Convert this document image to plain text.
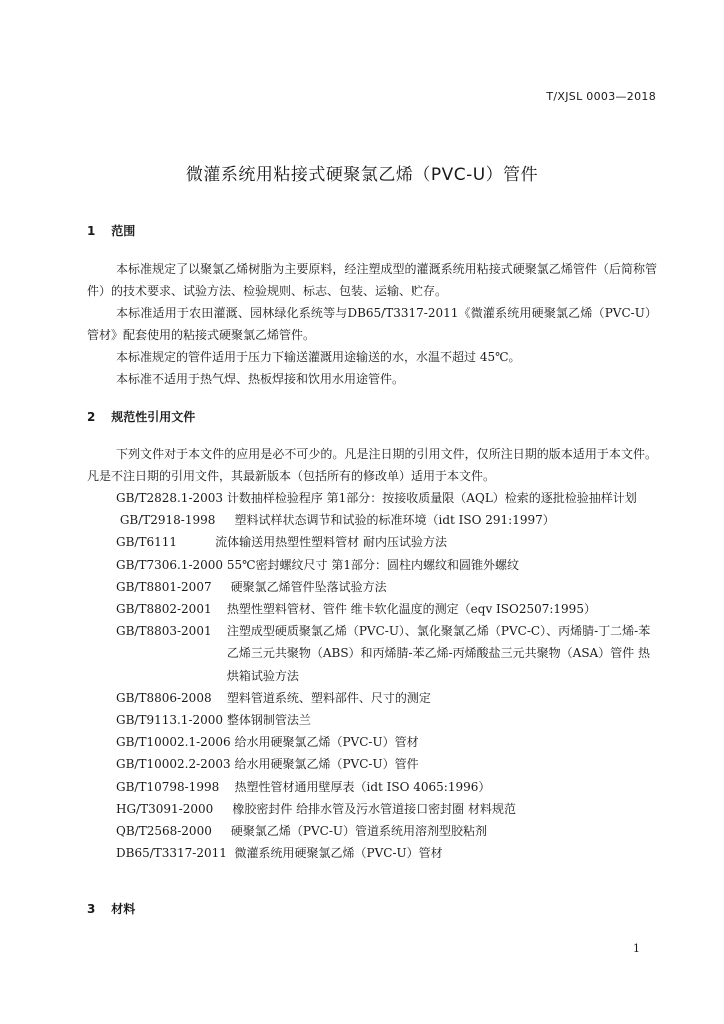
T/XJSL 0003—2018
微灌系统用粘接式硬聚氯乙烯（PVC-U）管件
1 范围
本标准规定了以聚氯乙烯树脂为主要原料，经注塑成型的灌溉系统用粘接式硬聚氯乙烯管件（后简称管件）的技术要求、试验方法、检验规则、标志、包装、运输、贮存。
本标准适用于农田灌溉、园林绿化系统等与DB65/T3317-2011《微灌系统用硬聚氯乙烯（PVC-U）管材》配套使用的粘接式硬聚氯乙烯管件。
本标准规定的管件适用于压力下输送灌溉用途输送的水，水温不超过 45℃。
本标准不适用于热气焊、热板焊接和饮用水用途管件。
2 规范性引用文件
下列文件对于本文件的应用是必不可少的。凡是注日期的引用文件，仅所注日期的版本适用于本文件。凡是不注日期的引用文件，其最新版本（包括所有的修改单）适用于本文件。
GB/T2828.1-2003 计数抽样检验程序 第1部分：按接收质量限（AQL）检索的逐批检验抽样计划
GB/T2918-1998 塑料试样状态调节和试验的标准环境（idt ISO 291:1997）
GB/T6111 流体输送用热塑性塑料管材 耐内压试验方法
GB/T7306.1-2000 55℃密封螺纹尺寸 第1部分：圆柱内螺纹和圆锥外螺纹
GB/T8801-2007 硬聚氯乙烯管件坠落试验方法
GB/T8802-2001 热塑性塑料管材、管件 维卡软化温度的测定（eqv ISO2507:1995）
GB/T8803-2001 注塑成型硬质聚氯乙烯（PVC-U）、氯化聚氯乙烯（PVC-C）、丙烯腈-丁二烯-苯乙烯三元共聚物（ABS）和丙烯腈-苯乙烯-丙烯酸盐三元共聚物（ASA）管件 热烘箱试验方法
GB/T8806-2008 塑料管道系统、塑料部件、尺寸的测定
GB/T9113.1-2000 整体钢制管法兰
GB/T10002.1-2006 给水用硬聚氯乙烯（PVC-U）管材
GB/T10002.2-2003 给水用硬聚氯乙烯（PVC-U）管件
GB/T10798-1998 热塑性管材通用壁厚表（idt ISO 4065:1996）
HG/T3091-2000 橡胶密封件 给排水管及污水管道接口密封圈 材料规范
QB/T2568-2000 硬聚氯乙烯（PVC-U）管道系统用溶剂型胶粘剂
DB65/T3317-2011 微灌系统用硬聚氯乙烯（PVC-U）管材
3 材料
1
